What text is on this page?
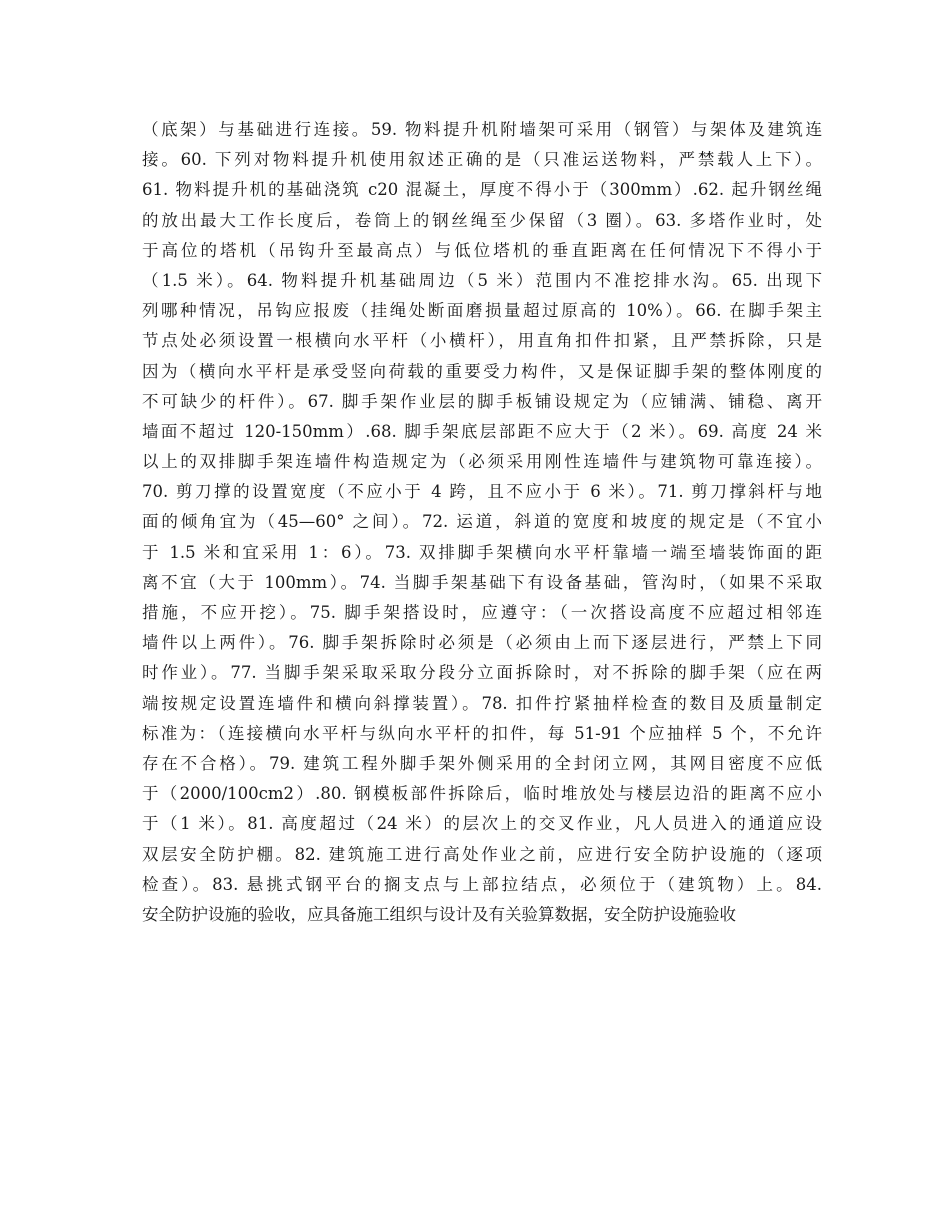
（底架）与基础进行连接。59. 物料提升机附墙架可采用（钢管）与架体及建筑连
接。60. 下列对物料提升机使用叙述正确的是（只准运送物料，严禁载人上下）。
61. 物料提升机的基础浇筑 c20 混凝土，厚度不得小于（300mm）.62. 起升钢丝绳
的放出最大工作长度后，卷筒上的钢丝绳至少保留（3 圈）。63. 多塔作业时，处
于高位的塔机（吊钩升至最高点）与低位塔机的垂直距离在任何情况下不得小于
（1.5 米）。64. 物料提升机基础周边（5 米）范围内不准挖排水沟。65. 出现下
列哪种情况，吊钩应报废（挂绳处断面磨损量超过原高的 10%）。66. 在脚手架主
节点处必须设置一根横向水平杆（小横杆），用直角扣件扣紧，且严禁拆除，只是
因为（横向水平杆是承受竖向荷载的重要受力构件，又是保证脚手架的整体刚度的
不可缺少的杆件）。67. 脚手架作业层的脚手板铺设规定为（应铺满、铺稳、离开
墙面不超过 120-150mm）.68. 脚手架底层部距不应大于（2 米）。69. 高度 24 米
以上的双排脚手架连墙件构造规定为（必须采用刚性连墙件与建筑物可靠连接）。
70. 剪刀撑的设置宽度（不应小于 4 跨，且不应小于 6 米）。71. 剪刀撑斜杆与地
面的倾角宜为（45—60° 之间）。72. 运道，斜道的宽度和坡度的规定是（不宜小
于 1.5 米和宜采用 1：6）。73. 双排脚手架横向水平杆靠墙一端至墙装饰面的距
离不宜（大于 100mm）。74. 当脚手架基础下有设备基础，管沟时，（如果不采取
措施，不应开挖）。75. 脚手架搭设时，应遵守：（一次搭设高度不应超过相邻连
墙件以上两件）。76. 脚手架拆除时必须是（必须由上而下逐层进行，严禁上下同
时作业）。77. 当脚手架采取采取分段分立面拆除时，对不拆除的脚手架（应在两
端按规定设置连墙件和横向斜撑装置）。78. 扣件拧紧抽样检查的数目及质量制定
标准为：（连接横向水平杆与纵向水平杆的扣件，每 51-91 个应抽样 5 个，不允许
存在不合格）。79. 建筑工程外脚手架外侧采用的全封闭立网，其网目密度不应低
于（2000/100cm2）.80. 钢模板部件拆除后，临时堆放处与楼层边沿的距离不应小
于（1 米）。81. 高度超过（24 米）的层次上的交叉作业，凡人员进入的通道应设
双层安全防护棚。82. 建筑施工进行高处作业之前，应进行安全防护设施的（逐项
检查）。83. 悬挑式钢平台的搁支点与上部拉结点，必须位于（建筑物）上。84.
安全防护设施的验收，应具备施工组织与设计及有关验算数据，安全防护设施验收
